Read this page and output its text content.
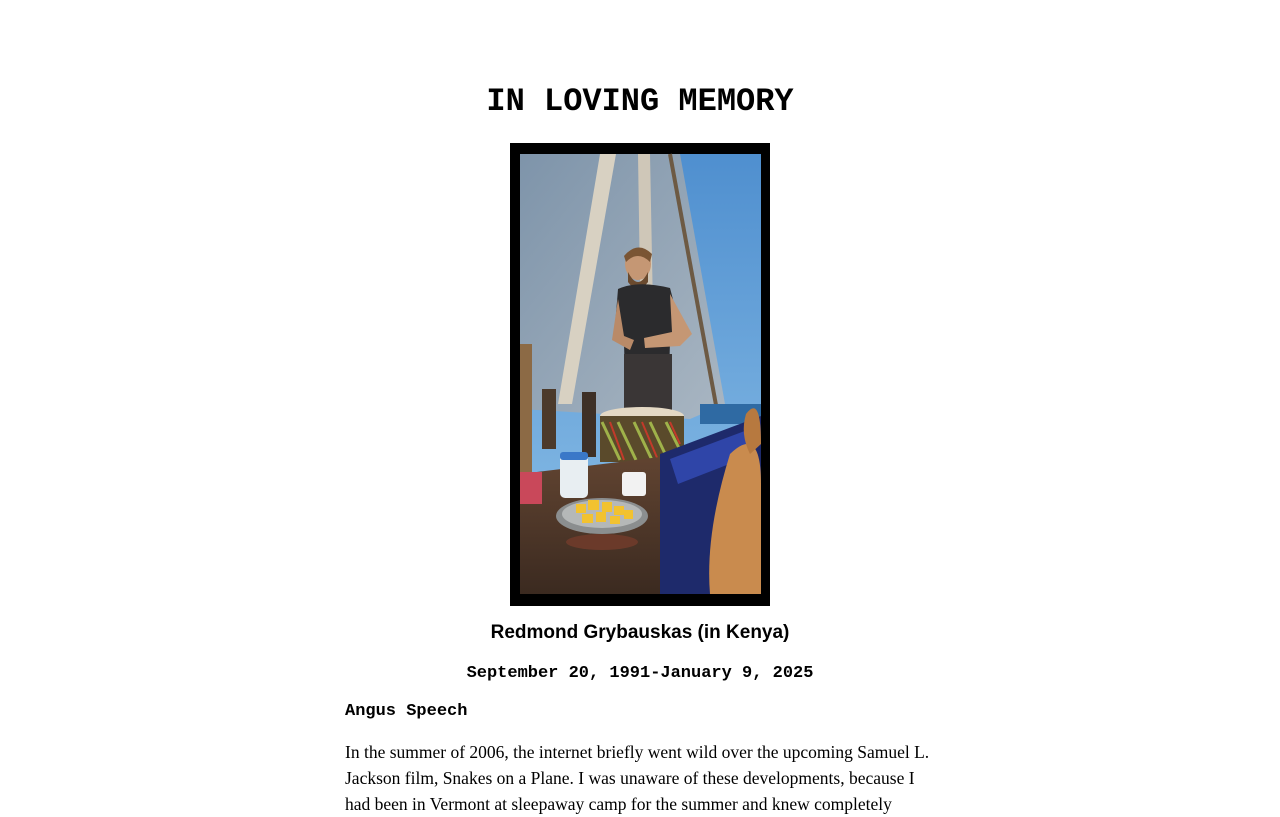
IN LOVING MEMORY
Redmond Grybauskas (in Kenya)
September 20, 1991-January 9, 2025
Angus Speech

In the summer of 2006, the internet briefly went wild over the upcoming Samuel L. Jackson film, Snakes on a Plane. I was unaware of these developments, because I had been in Vermont at sleepaway camp for the summer and knew completely
